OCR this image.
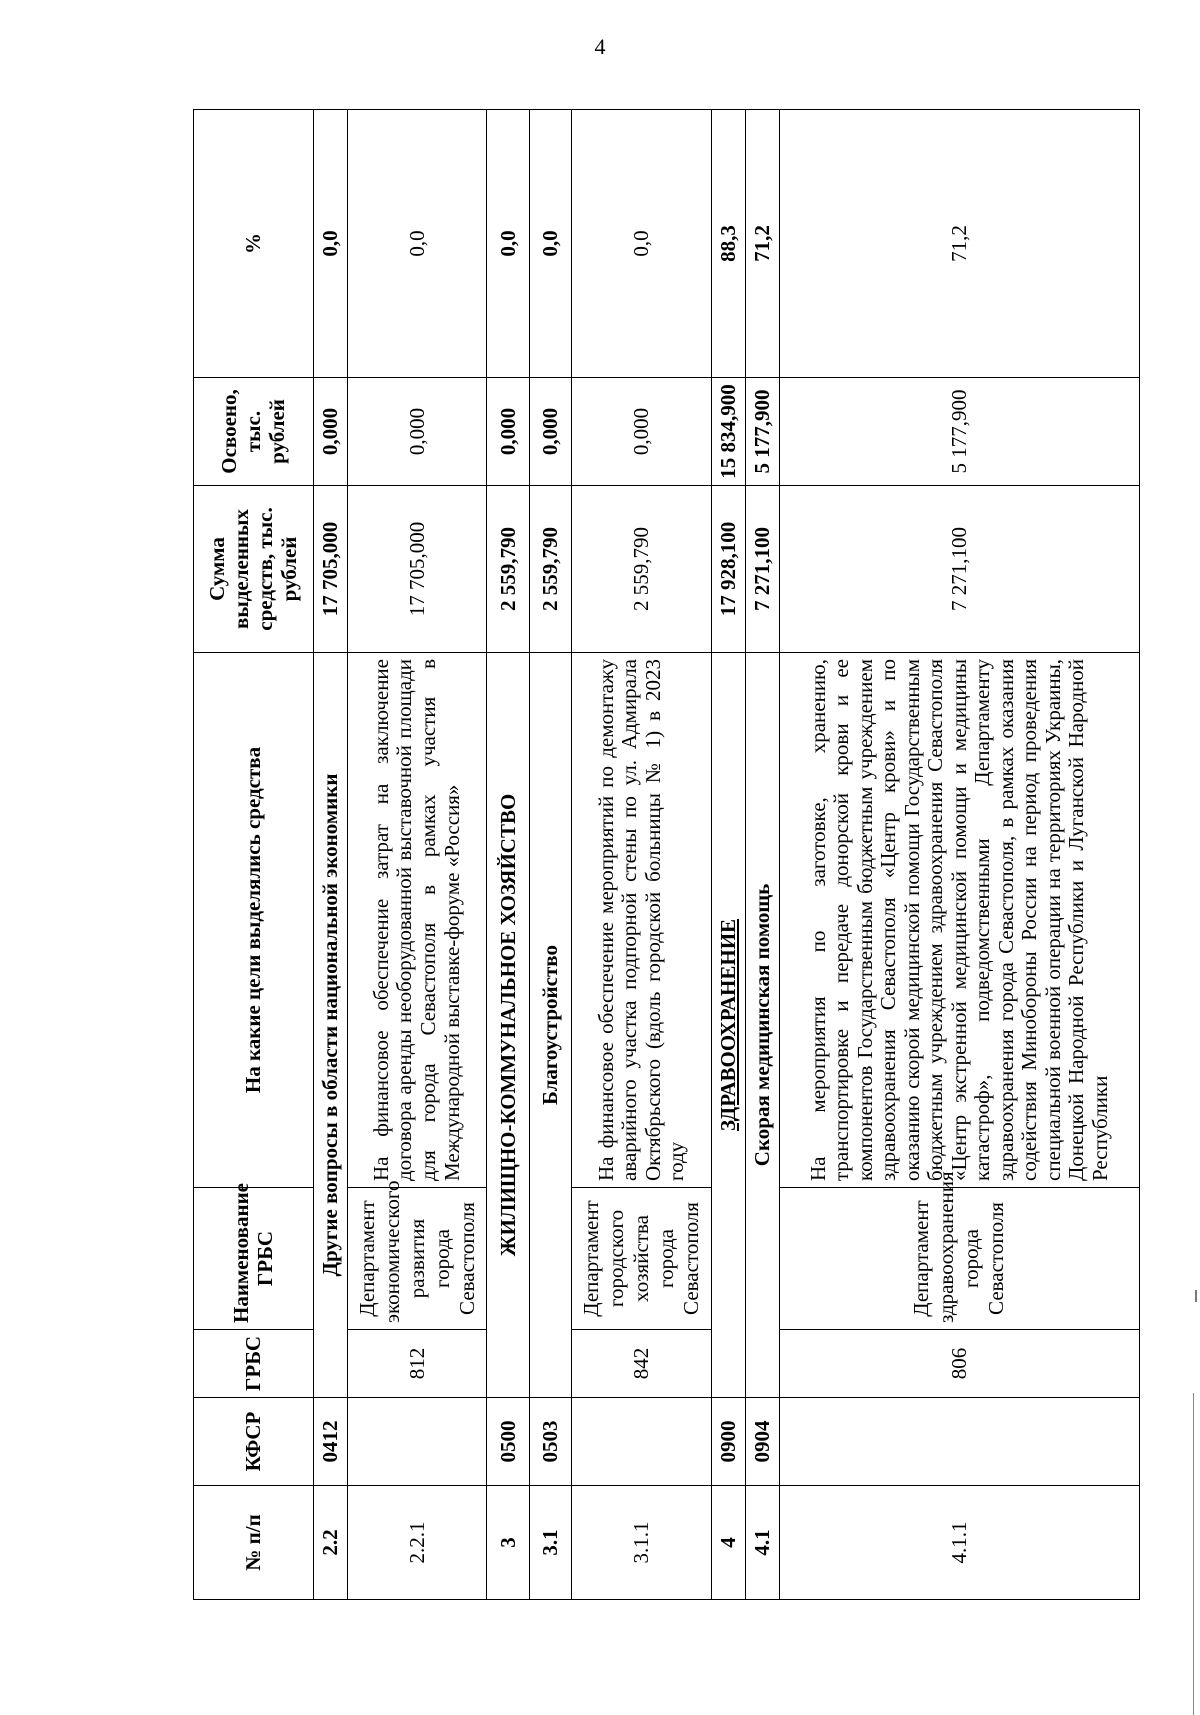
4
№ п/п	КФСР	ГРБС	Наименование ГРБС	На какие цели выделялись средства	Сумма выделенных средств, тыс. рублей	Освоено, тыс. рублей	%
2.2	0412	Другие вопросы в области национальной экономики			17 705,000	0,000	0,0
2.2.1		812	Департамент экономического развития города Севастополя	На финансовое обеспечение затрат на заключение договора аренды необорудованной выставочной площади для города Севастополя в рамках участия в Международной выставке-форуме «Россия»	17 705,000	0,000	0,0
3	0500	ЖИЛИЩНО-КОММУНАЛЬНОЕ ХОЗЯЙСТВО			2 559,790	0,000	0,0
3.1	0503	Благоустройство			2 559,790	0,000	0,0
3.1.1		842	Департамент городского хозяйства города Севастополя	На финансовое обеспечение мероприятий по демонтажу аварийного участка подпорной стены по ул. Адмирала Октябрьского (вдоль городской больницы № 1) в 2023 году	2 559,790	0,000	0,0
4	0900	ЗДРАВООХРАНЕНИЕ			17 928,100	15 834,900	88,3
4.1	0904	Скорая медицинская помощь			7 271,100	5 177,900	71,2
4.1.1		806	Департамент здравоохранения города Севастополя	На мероприятия по заготовке, хранению, транспортировке и передаче донорской крови и ее компонентов Государственным бюджетным учреждением здравоохранения Севастополя «Центр крови» и по оказанию скорой медицинской помощи Государственным бюджетным учреждением здравоохранения Севастополя «Центр экстренной медицинской помощи и медицины катастроф», подведомственными Департаменту здравоохранения города Севастополя, в рамках оказания содействия Минобороны России на период проведения специальной военной операции на территориях Украины, Донецкой Народной Республики и Луганской Народной Республики	7 271,100	5 177,900	71,2
